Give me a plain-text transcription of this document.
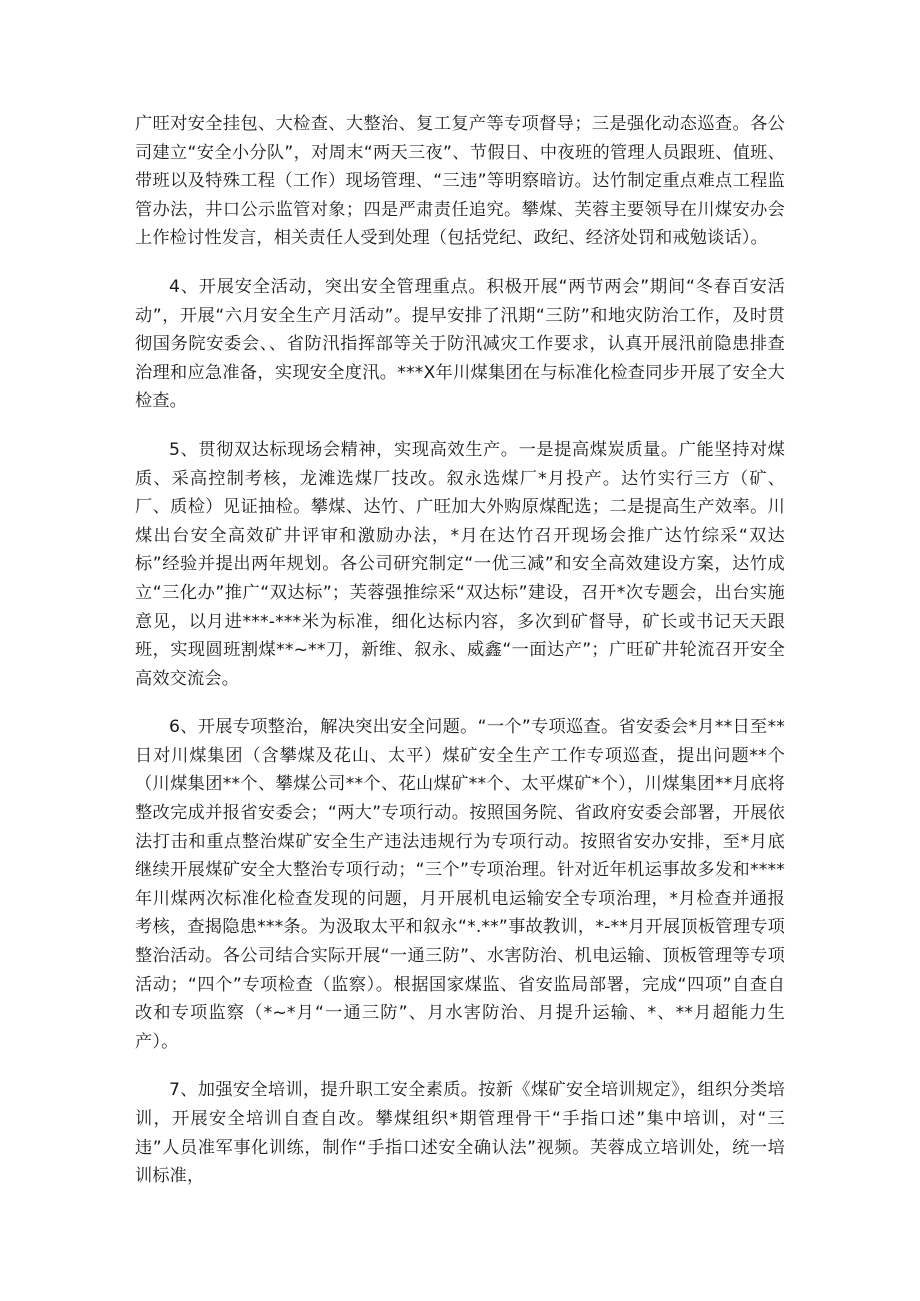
广旺对安全挂包、大检查、大整治、复工复产等专项督导；三是强化动态巡查。各公司建立“安全小分队”，对周末“两天三夜”、节假日、中夜班的管理人员跟班、值班、带班以及特殊工程（工作）现场管理、“三违”等明察暗访。达竹制定重点难点工程监管办法，井口公示监管对象；四是严肃责任追究。攀煤、芙蓉主要领导在川煤安办会上作检讨性发言，相关责任人受到处理（包括党纪、政纪、经济处罚和戒勉谈话）。

4、开展安全活动，突出安全管理重点。积极开展“两节两会”期间“冬春百安活动”，开展“六月安全生产月活动”。提早安排了汛期“三防”和地灾防治工作，及时贯彻国务院安委会、、省防汛指挥部等关于防汛减灾工作要求，认真开展汛前隐患排查治理和应急准备，实现安全度汛。***X年川煤集团在与标准化检查同步开展了安全大检查。

5、贯彻双达标现场会精神，实现高效生产。一是提高煤炭质量。广能坚持对煤质、采高控制考核，龙滩选煤厂技改。叙永选煤厂*月投产。达竹实行三方（矿、厂、质检）见证抽检。攀煤、达竹、广旺加大外购原煤配选；二是提高生产效率。川煤出台安全高效矿井评审和激励办法，*月在达竹召开现场会推广达竹综采“双达标”经验并提出两年规划。各公司研究制定“一优三减”和安全高效建设方案，达竹成立“三化办”推广“双达标”；芙蓉强推综采“双达标”建设，召开*次专题会，出台实施意见，以月进***-***米为标准，细化达标内容，多次到矿督导，矿长或书记天天跟班，实现圆班割煤**~**刀，新维、叙永、威鑫“一面达产”；广旺矿井轮流召开安全高效交流会。

6、开展专项整治，解决突出安全问题。“一个”专项巡查。省安委会*月**日至**日对川煤集团（含攀煤及花山、太平）煤矿安全生产工作专项巡查，提出问题**个（川煤集团**个、攀煤公司**个、花山煤矿**个、太平煤矿*个），川煤集团**月底将整改完成并报省安委会；“两大”专项行动。按照国务院、省政府安委会部署，开展依法打击和重点整治煤矿安全生产违法违规行为专项行动。按照省安办安排，至*月底继续开展煤矿安全大整治专项行动；“三个”专项治理。针对近年机运事故多发和****年川煤两次标准化检查发现的问题，月开展机电运输安全专项治理，*月检查并通报考核，查揭隐患***条。为汲取太平和叙永“*.**”事故教训，*-**月开展顶板管理专项整治活动。各公司结合实际开展“一通三防”、水害防治、机电运输、顶板管理等专项活动；“四个”专项检查（监察）。根据国家煤监、省安监局部署，完成“四项”自查自改和专项监察（*~*月“一通三防”、月水害防治、月提升运输、*、**月超能力生产）。

7、加强安全培训，提升职工安全素质。按新《煤矿安全培训规定》，组织分类培训，开展安全培训自查自改。攀煤组织*期管理骨干“手指口述”集中培训，对“三违”人员准军事化训练，制作“手指口述安全确认法”视频。芙蓉成立培训处，统一培训标准，
